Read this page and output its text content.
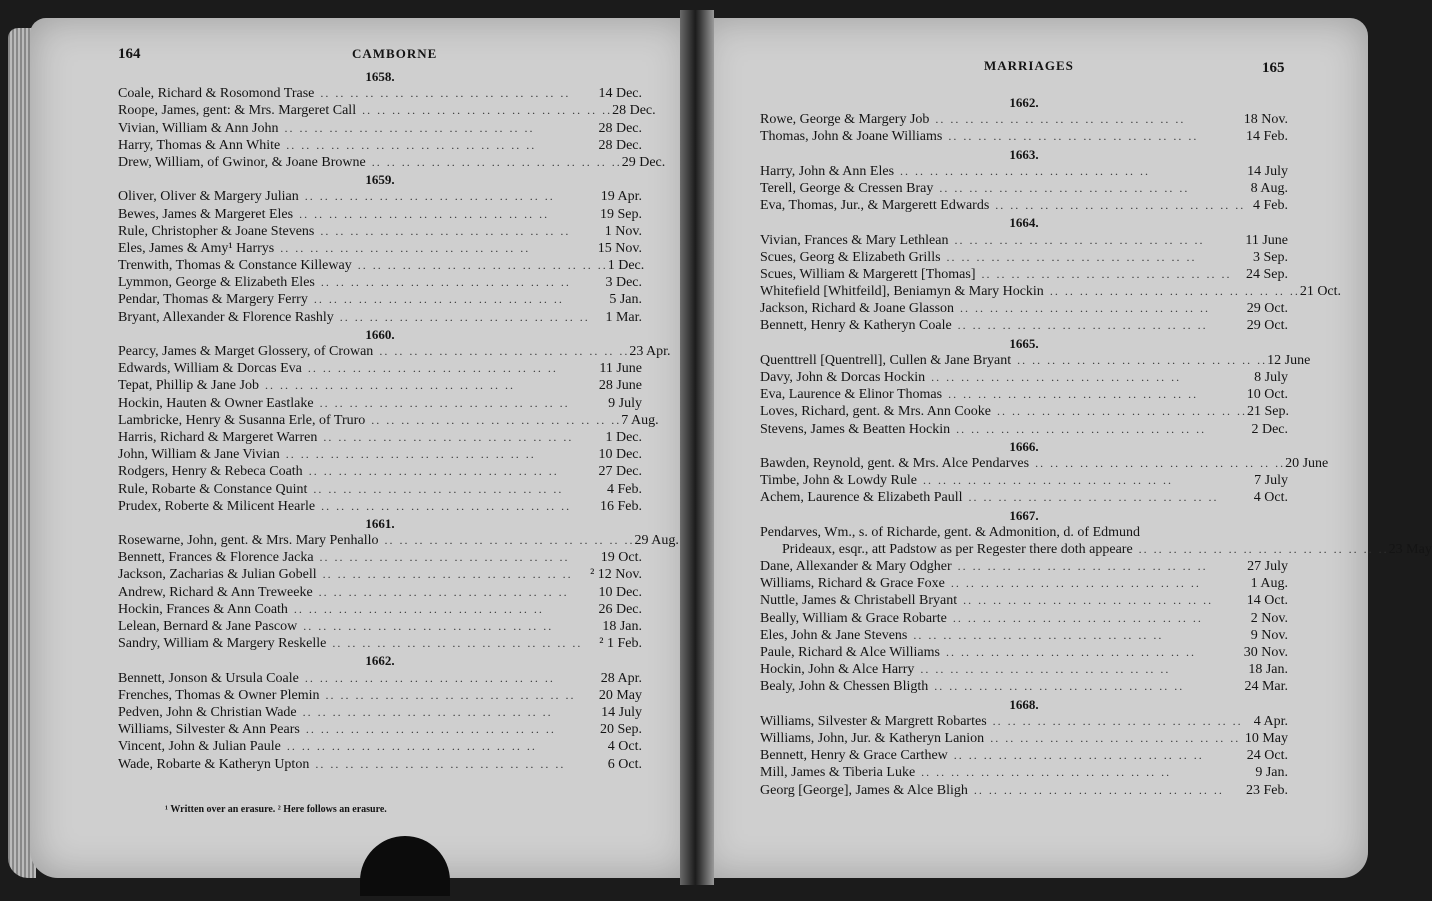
164	CAMBORNE
1658.
Coale, Richard & Rosomond Trase .. .. .. .. .. .. .. .. .. .. .. .. .. .. .. .. ..	14 Dec.
Roope, James, gent: & Mrs. Margeret Call .. .. .. .. .. .. .. .. .. .. .. .. .. .. .. .. .. 28 Dec.
Vivian, William & Ann John .. .. .. .. .. .. .. .. .. .. .. .. .. .. .. .. ..	28 Dec.
Harry, Thomas & Ann White .. .. .. .. .. .. .. .. .. .. .. .. .. .. .. .. ..	28 Dec.
Drew, William, of Gwinor, & Joane Browne .. .. .. .. .. .. .. .. .. .. .. .. .. .. .. .. .. 29 Dec.
1659.
Oliver, Oliver & Margery Julian .. .. .. .. .. .. .. .. .. .. .. .. .. .. .. .. ..	19 Apr.
Bewes, James & Margeret Eles .. .. .. .. .. .. .. .. .. .. .. .. .. .. .. .. ..	19 Sep.
Rule, Christopher & Joane Stevens .. .. .. .. .. .. .. .. .. .. .. .. .. .. .. .. ..	1 Nov.
Eles, James & Amy¹ Harrys .. .. .. .. .. .. .. .. .. .. .. .. .. .. .. .. ..	15 Nov.
Trenwith, Thomas & Constance Killeway .. .. .. .. .. .. .. .. .. .. .. .. .. .. .. .. .. 1 Dec.
Lymmon, George & Elizabeth Eles .. .. .. .. .. .. .. .. .. .. .. .. .. .. .. .. ..	3 Dec.
Pendar, Thomas & Margery Ferry .. .. .. .. .. .. .. .. .. .. .. .. .. .. .. .. ..	5 Jan.
Bryant, Allexander & Florence Rashly .. .. .. .. .. .. .. .. .. .. .. .. .. .. .. .. ..	1 Mar.
1660.
Pearcy, James & Marget Glossery, of Crowan .. .. .. .. .. .. .. .. .. .. .. .. .. .. .. .. .. 23 Apr.
Edwards, William & Dorcas Eva .. .. .. .. .. .. .. .. .. .. .. .. .. .. .. .. ..	11 June
Tepat, Phillip & Jane Job .. .. .. .. .. .. .. .. .. .. .. .. .. .. .. .. ..	28 June
Hockin, Hauten & Owner Eastlake .. .. .. .. .. .. .. .. .. .. .. .. .. .. .. .. ..	9 July
Lambricke, Henry & Susanna Erle, of Truro .. .. .. .. .. .. .. .. .. .. .. .. .. .. .. .. .. 7 Aug.
Harris, Richard & Margeret Warren .. .. .. .. .. .. .. .. .. .. .. .. .. .. .. .. ..	1 Dec.
John, William & Jane Vivian .. .. .. .. .. .. .. .. .. .. .. .. .. .. .. .. ..	10 Dec.
Rodgers, Henry & Rebeca Coath .. .. .. .. .. .. .. .. .. .. .. .. .. .. .. .. ..	27 Dec.
Rule, Robarte & Constance Quint .. .. .. .. .. .. .. .. .. .. .. .. .. .. .. .. ..	4 Feb.
Prudex, Roberte & Milicent Hearle .. .. .. .. .. .. .. .. .. .. .. .. .. .. .. .. ..	16 Feb.
1661.
Rosewarne, John, gent. & Mrs. Mary Penhallo .. .. .. .. .. .. .. .. .. .. .. .. .. .. .. .. .. 29 Aug.
Bennett, Frances & Florence Jacka .. .. .. .. .. .. .. .. .. .. .. .. .. .. .. .. ..	19 Oct.
Jackson, Zacharias & Julian Gobell .. .. .. .. .. .. .. .. .. .. .. .. .. .. .. .. ..	² 12 Nov.
Andrew, Richard & Ann Treweeke .. .. .. .. .. .. .. .. .. .. .. .. .. .. .. .. ..	10 Dec.
Hockin, Frances & Ann Coath .. .. .. .. .. .. .. .. .. .. .. .. .. .. .. .. ..	26 Dec.
Lelean, Bernard & Jane Pascow .. .. .. .. .. .. .. .. .. .. .. .. .. .. .. .. ..	18 Jan.
Sandry, William & Margery Reskelle .. .. .. .. .. .. .. .. .. .. .. .. .. .. .. .. ..	² 1 Feb.
1662.
Bennett, Jonson & Ursula Coale .. .. .. .. .. .. .. .. .. .. .. .. .. .. .. .. ..	28 Apr.
Frenches, Thomas & Owner Plemin .. .. .. .. .. .. .. .. .. .. .. .. .. .. .. .. ..	20 May
Pedven, John & Christian Wade .. .. .. .. .. .. .. .. .. .. .. .. .. .. .. .. ..	14 July
Williams, Silvester & Ann Pears .. .. .. .. .. .. .. .. .. .. .. .. .. .. .. .. ..	20 Sep.
Vincent, John & Julian Paule .. .. .. .. .. .. .. .. .. .. .. .. .. .. .. .. ..	4 Oct.
Wade, Robarte & Katheryn Upton .. .. .. .. .. .. .. .. .. .. .. .. .. .. .. .. ..	6 Oct.
¹ Written over an erasure. ² Here follows an erasure.
MARRIAGES	165
1662.
Rowe, George & Margery Job .. .. .. .. .. .. .. .. .. .. .. .. .. .. .. .. ..	18 Nov.
Thomas, John & Joane Williams .. .. .. .. .. .. .. .. .. .. .. .. .. .. .. .. ..	14 Feb.
1663.
Harry, John & Ann Eles .. .. .. .. .. .. .. .. .. .. .. .. .. .. .. .. ..	14 July
Terell, George & Cressen Bray .. .. .. .. .. .. .. .. .. .. .. .. .. .. .. .. ..	8 Aug.
Eva, Thomas, Jur., & Margerett Edwards .. .. .. .. .. .. .. .. .. .. .. .. .. .. .. .. .. 4 Feb.
1664.
Vivian, Frances & Mary Lethlean .. .. .. .. .. .. .. .. .. .. .. .. .. .. .. .. ..	11 June
Scues, Georg & Elizabeth Grills .. .. .. .. .. .. .. .. .. .. .. .. .. .. .. .. ..	3 Sep.
Scues, William & Margerett [Thomas] .. .. .. .. .. .. .. .. .. .. .. .. .. .. .. .. ..	24 Sep.
Whitefield [Whitfeild], Beniamyn & Mary Hockin .. .. .. .. .. .. .. .. .. .. .. .. .. .. .. .. .. 21 Oct.
Jackson, Richard & Joane Glasson .. .. .. .. .. .. .. .. .. .. .. .. .. .. .. .. ..	29 Oct.
Bennett, Henry & Katheryn Coale .. .. .. .. .. .. .. .. .. .. .. .. .. .. .. .. ..	29 Oct.
1665.
Quenttrell [Quentrell], Cullen & Jane Bryant .. .. .. .. .. .. .. .. .. .. .. .. .. .. .. .. .. 12 June
Davy, John & Dorcas Hockin .. .. .. .. .. .. .. .. .. .. .. .. .. .. .. .. ..	8 July
Eva, Laurence & Elinor Thomas .. .. .. .. .. .. .. .. .. .. .. .. .. .. .. .. ..	10 Oct.
Loves, Richard, gent. & Mrs. Ann Cooke .. .. .. .. .. .. .. .. .. .. .. .. .. .. .. .. .. 21 Sep.
Stevens, James & Beatten Hockin .. .. .. .. .. .. .. .. .. .. .. .. .. .. .. .. ..	2 Dec.
1666.
Bawden, Reynold, gent. & Mrs. Alce Pendarves .. .. .. .. .. .. .. .. .. .. .. .. .. .. .. .. .. 20 June
Timbe, John & Lowdy Rule .. .. .. .. .. .. .. .. .. .. .. .. .. .. .. .. ..	7 July
Achem, Laurence & Elizabeth Paull .. .. .. .. .. .. .. .. .. .. .. .. .. .. .. .. ..	4 Oct.
1667.
Pendarves, Wm., s. of Richarde, gent. & Admonition, d. of Edmund
Prideaux, esqr., att Padstow as per Regester there doth appeare .. .. .. .. .. .. .. .. .. .. .. .. .. .. .. .. .. 23 May
Dane, Allexander & Mary Odgher .. .. .. .. .. .. .. .. .. .. .. .. .. .. .. .. ..	27 July
Williams, Richard & Grace Foxe .. .. .. .. .. .. .. .. .. .. .. .. .. .. .. .. ..	1 Aug.
Nuttle, James & Christabell Bryant .. .. .. .. .. .. .. .. .. .. .. .. .. .. .. .. ..	14 Oct.
Beally, William & Grace Robarte .. .. .. .. .. .. .. .. .. .. .. .. .. .. .. .. ..	2 Nov.
Eles, John & Jane Stevens .. .. .. .. .. .. .. .. .. .. .. .. .. .. .. .. ..	9 Nov.
Paule, Richard & Alce Williams .. .. .. .. .. .. .. .. .. .. .. .. .. .. .. .. ..	30 Nov.
Hockin, John & Alce Harry .. .. .. .. .. .. .. .. .. .. .. .. .. .. .. .. ..	18 Jan.
Bealy, John & Chessen Bligth .. .. .. .. .. .. .. .. .. .. .. .. .. .. .. .. ..	24 Mar.
1668.
Williams, Silvester & Margrett Robartes .. .. .. .. .. .. .. .. .. .. .. .. .. .. .. .. .. 4 Apr.
Williams, John, Jur. & Katheryn Lanion .. .. .. .. .. .. .. .. .. .. .. .. .. .. .. .. .. 10 May
Bennett, Henry & Grace Carthew .. .. .. .. .. .. .. .. .. .. .. .. .. .. .. .. ..	24 Oct.
Mill, James & Tiberia Luke .. .. .. .. .. .. .. .. .. .. .. .. .. .. .. .. ..	9 Jan.
Georg [George], James & Alce Bligh .. .. .. .. .. .. .. .. .. .. .. .. .. .. .. .. ..	23 Feb.
